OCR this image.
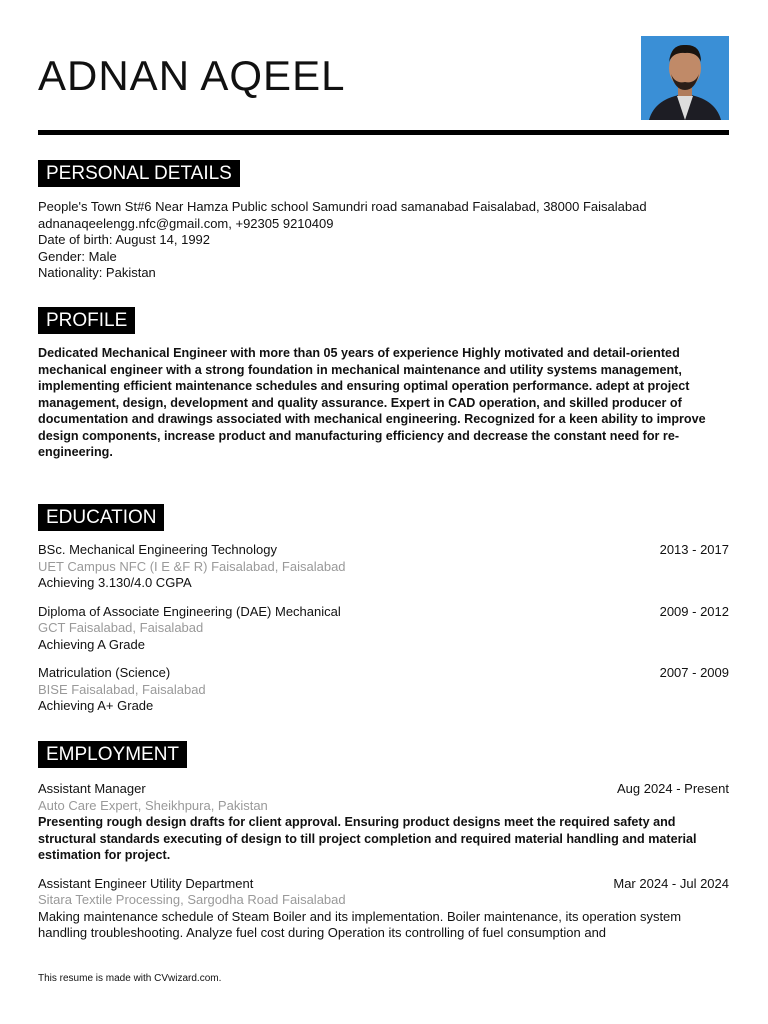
ADNAN AQEEL
PERSONAL DETAILS
People's Town St#6 Near Hamza Public school Samundri road samanabad Faisalabad, 38000 Faisalabad
adnanaqeelengg.nfc@gmail.com, +92305 9210409
Date of birth: August 14, 1992
Gender: Male
Nationality: Pakistan
PROFILE
Dedicated Mechanical Engineer with more than 05 years of experience Highly motivated and detail-oriented mechanical engineer with a strong foundation in mechanical maintenance and utility systems management, implementing efficient maintenance schedules and ensuring optimal operation performance. adept at project management, design, development and quality assurance. Expert in CAD operation, and skilled producer of documentation and drawings associated with mechanical engineering. Recognized for a keen ability to improve design components, increase product and manufacturing efficiency and decrease the constant need for re-engineering.
EDUCATION
BSc. Mechanical Engineering Technology	2013 - 2017
UET Campus NFC (I E &F R) Faisalabad, Faisalabad
Achieving 3.130/4.0 CGPA
Diploma of Associate Engineering (DAE) Mechanical	2009 - 2012
GCT Faisalabad, Faisalabad
Achieving A Grade
Matriculation (Science)	2007 - 2009
BISE Faisalabad, Faisalabad
Achieving A+ Grade
EMPLOYMENT
Assistant Manager	Aug 2024 - Present
Auto Care Expert, Sheikhpura, Pakistan
Presenting rough design drafts for client approval. Ensuring product designs meet the required safety and structural standards executing of design to till project completion and required material handling and material estimation for project.
Assistant Engineer Utility Department	Mar 2024 - Jul 2024
Sitara Textile Processing, Sargodha Road Faisalabad
Making maintenance schedule of Steam Boiler and its implementation. Boiler maintenance, its operation system handling troubleshooting. Analyze fuel cost during Operation its controlling of fuel consumption and
This resume is made with CVwizard.com.
